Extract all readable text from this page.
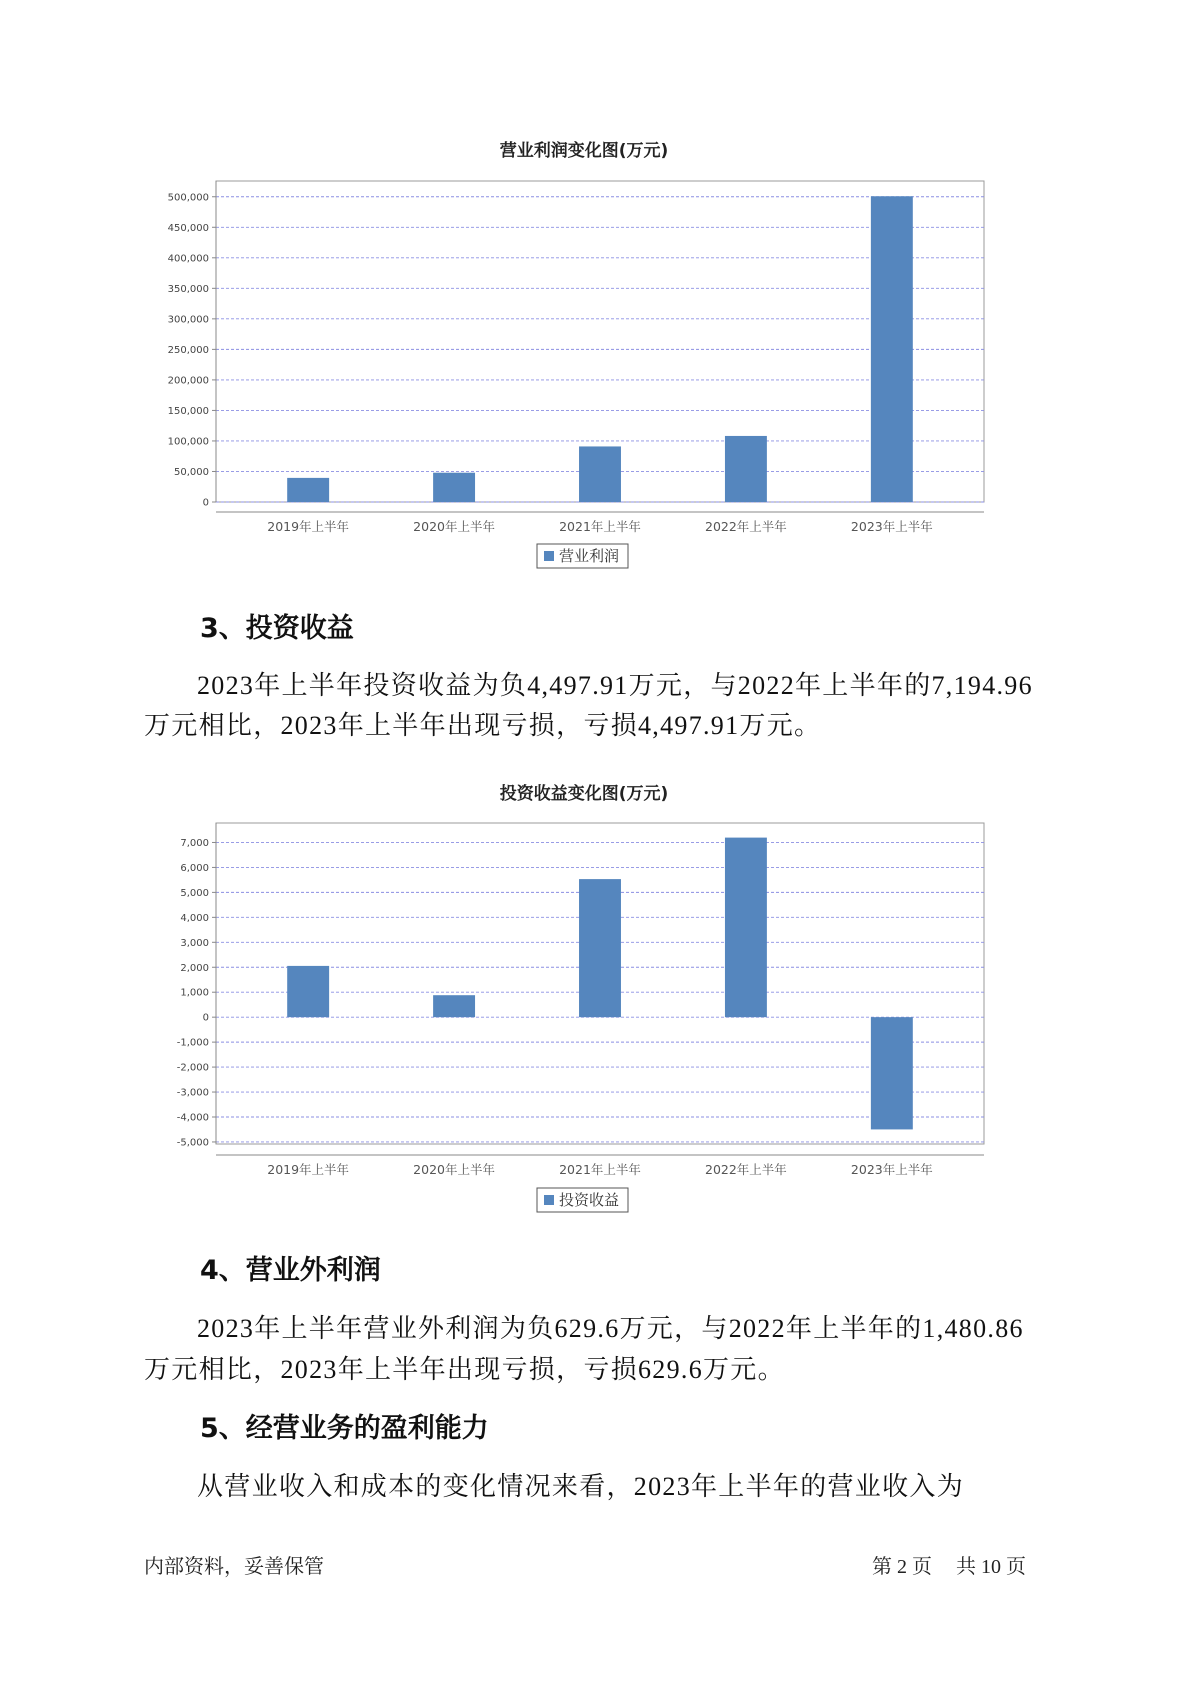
营业利润变化图(万元)
2019年上半年	2020年上半年	2021年上半年	2022年上半年	2023年上半年
0
50,000
100,000
150,000
200,000
250,000
300,000
350,000
400,000
450,000
500,000
营业利润
3、投资收益
2023年上半年投资收益为负4,497.91万元，与2022年上半年的7,194.96
万元相比，2023年上半年出现亏损，亏损4,497.91万元。
投资收益变化图(万元)
2019年上半年	2020年上半年	2021年上半年	2022年上半年	2023年上半年
-5,000
-4,000
-3,000
-2,000
-1,000
0
1,000
2,000
3,000
4,000
5,000
6,000
7,000
投资收益
4、营业外利润
2023年上半年营业外利润为负629.6万元，与2022年上半年的1,480.86
万元相比，2023年上半年出现亏损，亏损629.6万元。
5、经营业务的盈利能力
从营业收入和成本的变化情况来看，2023年上半年的营业收入为
内部资料，妥善保管	第 2 页 共 10 页
